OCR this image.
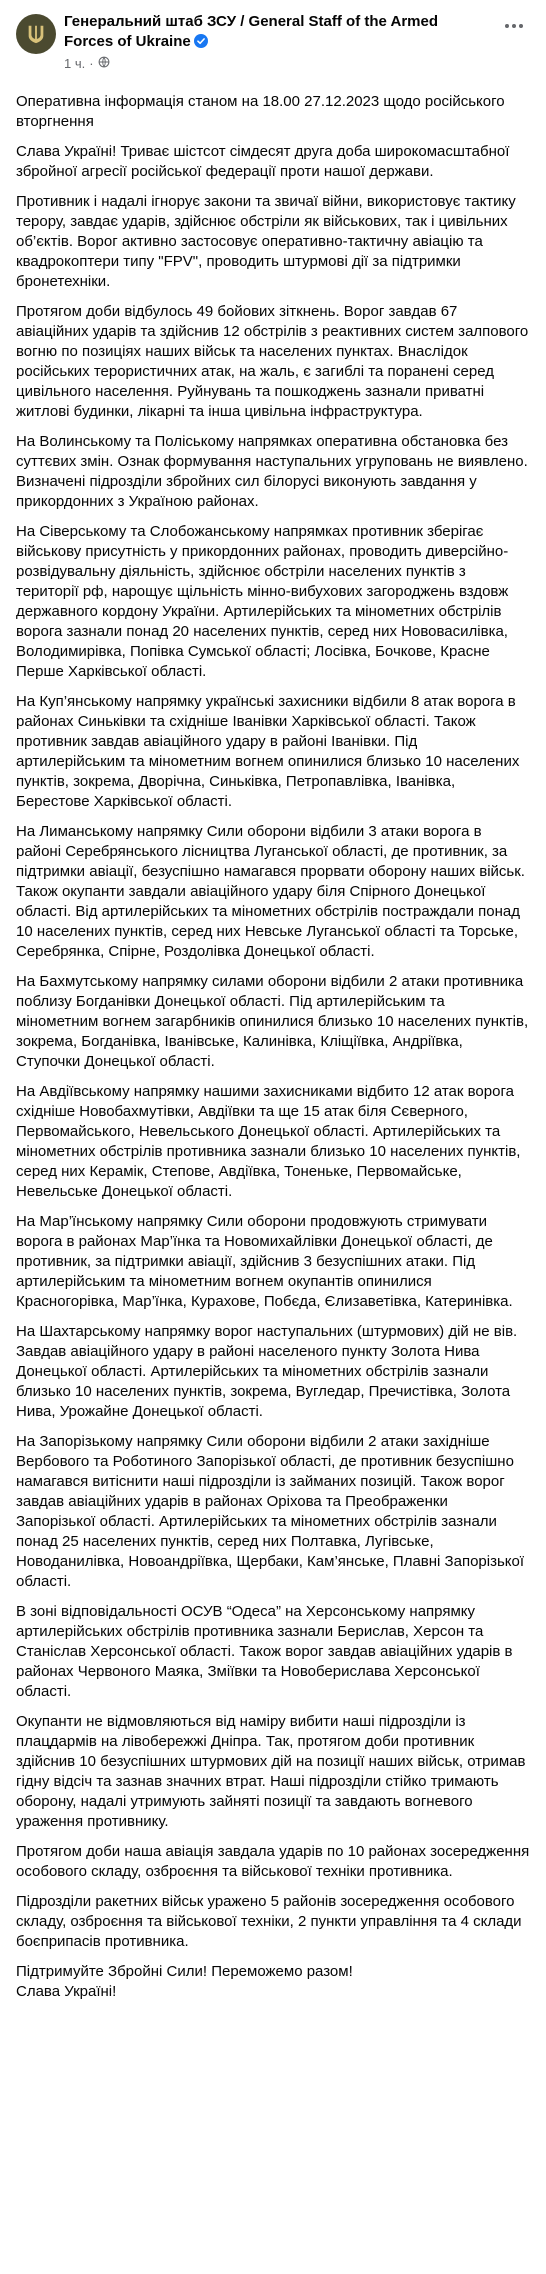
Генеральний штаб ЗСУ / General Staff of the Armed Forces of Ukraine
1 ч. ·

Оперативна інформація станом на 18.00 27.12.2023 щодо російського вторгнення

Слава Україні! Триває шістсот сімдесят друга доба широкомасштабної збройної агресії російської федерації проти нашої держави.

Противник і надалі ігнорує закони та звичаї війни, використовує тактику терору, завдає ударів, здійснює обстріли як військових, так і цивільних об’єктів. Ворог активно застосовує оперативно-тактичну авіацію та квадрокоптери типу "FPV", проводить штурмові дії за підтримки бронетехніки.

Протягом доби відбулось 49 бойових зіткнень. Ворог завдав 67 авіаційних ударів та здійснив 12 обстрілів з реактивних систем залпового вогню по позиціях наших військ та населених пунктах. Внаслідок російських терористичних атак, на жаль, є загиблі та поранені серед цивільного населення. Руйнувань та пошкоджень зазнали приватні житлові будинки, лікарні та інша цивільна інфраструктура.

На Волинському та Поліському напрямках оперативна обстановка без суттєвих змін. Ознак формування наступальних угруповань не виявлено. Визначені підрозділи збройних сил білорусі виконують завдання у прикордонних з Україною районах.

На Сіверському та Слобожанському напрямках противник зберігає військову присутність у прикордонних районах, проводить диверсійно-розвідувальну діяльність, здійснює обстріли населених пунктів з території рф, нарощує щільність мінно-вибухових загороджень вздовж державного кордону України. Артилерійських та мінометних обстрілів ворога зазнали понад 20 населених пунктів, серед них Нововасилівка, Володимирівка, Попівка Сумської області; Лосівка, Бочкове, Красне Перше Харківської області.

На Куп’янському напрямку українські захисники відбили 8 атак ворога в районах Синьківки та східніше Іванівки Харківської області. Також противник завдав авіаційного удару в районі Іванівки. Під артилерійським та мінометним вогнем опинилися близько 10 населених пунктів, зокрема, Дворічна, Синьківка, Петропавлівка, Іванівка, Берестове Харківської області.

На Лиманському напрямку Сили оборони відбили 3 атаки ворога в районі Серебрянського лісництва Луганської області, де противник, за підтримки авіації, безуспішно намагався прорвати оборону наших військ. Також окупанти завдали авіаційного удару біля Спірного Донецької області. Від артилерійських та мінометних обстрілів постраждали понад 10 населених пунктів, серед них Невське Луганської області та Торське, Серебрянка, Спірне, Роздолівка Донецької області.

На Бахмутському напрямку силами оборони відбили 2 атаки противника поблизу Богданівки Донецької області. Під артилерійським та мінометним вогнем загарбників опинилися близько 10 населених пунктів, зокрема, Богданівка, Іванівське, Калинівка, Кліщіївка, Андріївка, Ступочки Донецької області.

На Авдіївському напрямку нашими захисниками відбито 12 атак ворога східніше Новобахмутівки, Авдіївки та ще 15 атак біля Сєверного, Первомайського, Невельського Донецької області. Артилерійських та мінометних обстрілів противника зазнали близько 10 населених пунктів, серед них Керамік, Степове, Авдіївка, Тоненьке, Первомайське, Невельське Донецької області.

На Мар’їнському напрямку Сили оборони продовжують стримувати ворога в районах Мар’їнка та Новомихайлівки Донецької області, де противник, за підтримки авіації, здійснив 3 безуспішних атаки. Під артилерійським та мінометним вогнем окупантів опинилися Красногорівка, Мар’їнка, Курахове, Побєда, Єлизаветівка, Катеринівка.

На Шахтарському напрямку ворог наступальних (штурмових) дій не вів. Завдав авіаційного удару в районі населеного пункту Золота Нива Донецької області. Артилерійських та мінометних обстрілів зазнали близько 10 населених пунктів, зокрема, Вугледар, Пречистівка, Золота Нива, Урожайне Донецької області.

На Запорізькому напрямку Сили оборони відбили 2 атаки західніше Вербового та Роботиного Запорізької області, де противник безуспішно намагався витіснити наші підрозділи із займаних позицій. Також ворог завдав авіаційних ударів в районах Оріхова та Преображенки Запорізької області. Артилерійських та мінометних обстрілів зазнали понад 25 населених пунктів, серед них Полтавка, Лугівське, Новоданилівка, Новоандріївка, Щербаки, Кам’янське, Плавні Запорізької області.

В зоні відповідальності ОСУВ “Одеса” на Херсонському напрямку артилерійських обстрілів противника зазнали Берислав, Херсон та Станіслав Херсонської області. Також ворог завдав авіаційних ударів в районах Червоного Маяка, Змiївки та Новоберислава Херсонської області.

Окупанти не відмовляються від наміру вибити наші підрозділи із плацдармів на лівобережжі Дніпра. Так, протягом доби противник здійснив 10 безуспішних штурмових дій на позиції наших військ, отримав гідну відсіч та зазнав значних втрат. Наші підрозділи стійко тримають оборону, надалі утримують зайняті позиції та завдають вогневого ураження противнику.

Протягом доби наша авіація завдала ударів по 10 районах зосередження особового складу, озброєння та військової техніки противника.

Підрозділи ракетних військ уражено 5 районів зосередження особового складу, озброєння та військової техніки, 2 пункти управління та 4 склади боєприпасів противника.

Підтримуйте Збройні Сили! Переможемо разом!
Слава Україні!
